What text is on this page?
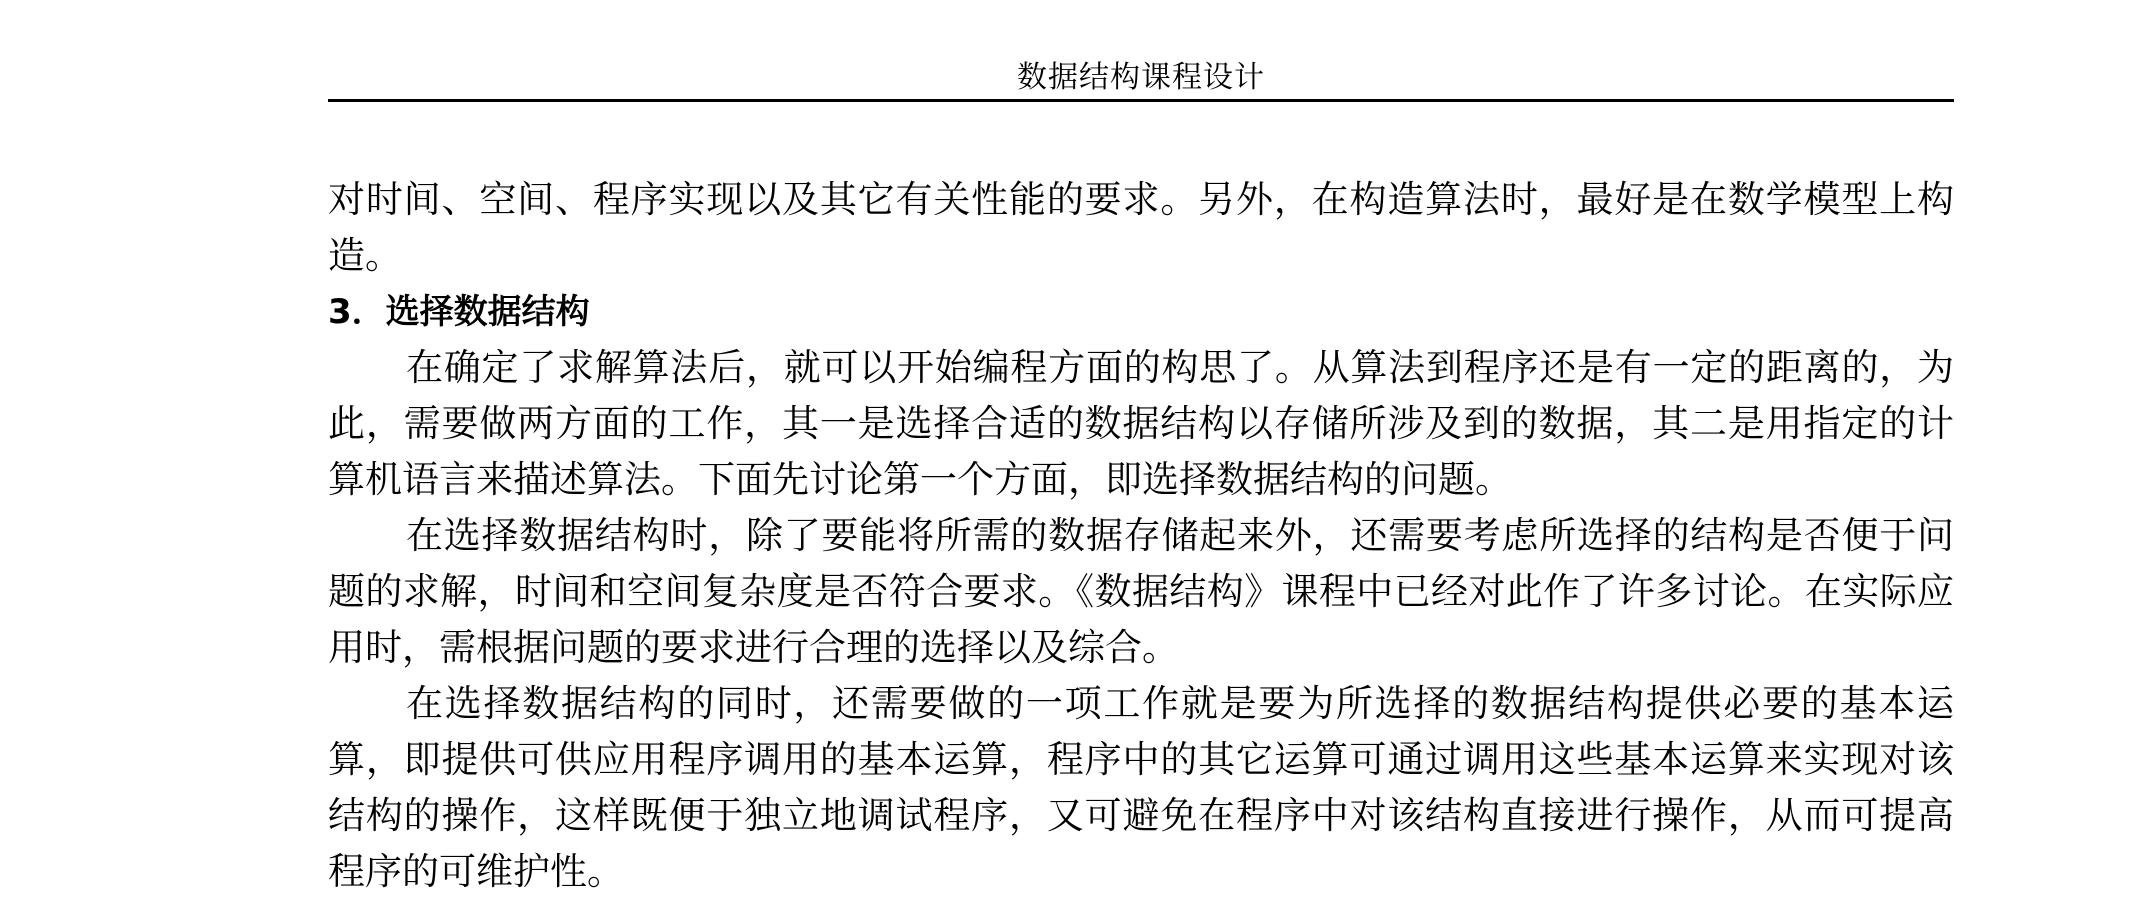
数据结构课程设计

对时间、空间、程序实现以及其它有关性能的要求。另外，在构造算法时，最好是在数学模型上构造。

3．选择数据结构

在确定了求解算法后，就可以开始编程方面的构思了。从算法到程序还是有一定的距离的，为此，需要做两方面的工作，其一是选择合适的数据结构以存储所涉及到的数据，其二是用指定的计算机语言来描述算法。下面先讨论第一个方面，即选择数据结构的问题。

在选择数据结构时，除了要能将所需的数据存储起来外，还需要考虑所选择的结构是否便于问题的求解，时间和空间复杂度是否符合要求。《数据结构》课程中已经对此作了许多讨论。在实际应用时，需根据问题的要求进行合理的选择以及综合。

在选择数据结构的同时，还需要做的一项工作就是要为所选择的数据结构提供必要的基本运算，即提供可供应用程序调用的基本运算，程序中的其它运算可通过调用这些基本运算来实现对该结构的操作，这样既便于独立地调试程序，又可避免在程序中对该结构直接进行操作，从而可提高程序的可维护性。
